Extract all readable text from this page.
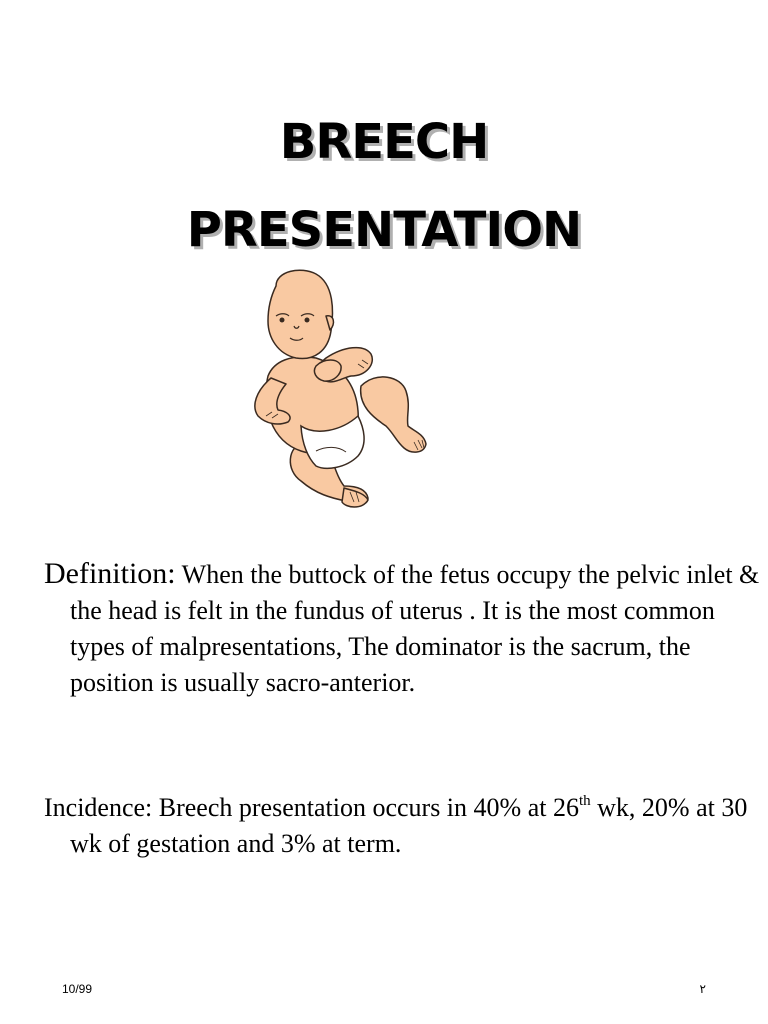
BREECH
PRESENTATION

Definition: When the buttock of the fetus occupy the pelvic inlet & the head is felt in the fundus of uterus . It is the most common types of malpresentations, The dominator is the sacrum, the position is usually sacro-anterior.

Incidence: Breech presentation occurs in 40% at 26th wk, 20% at 30 wk of gestation and 3% at term.

10/99	٢
